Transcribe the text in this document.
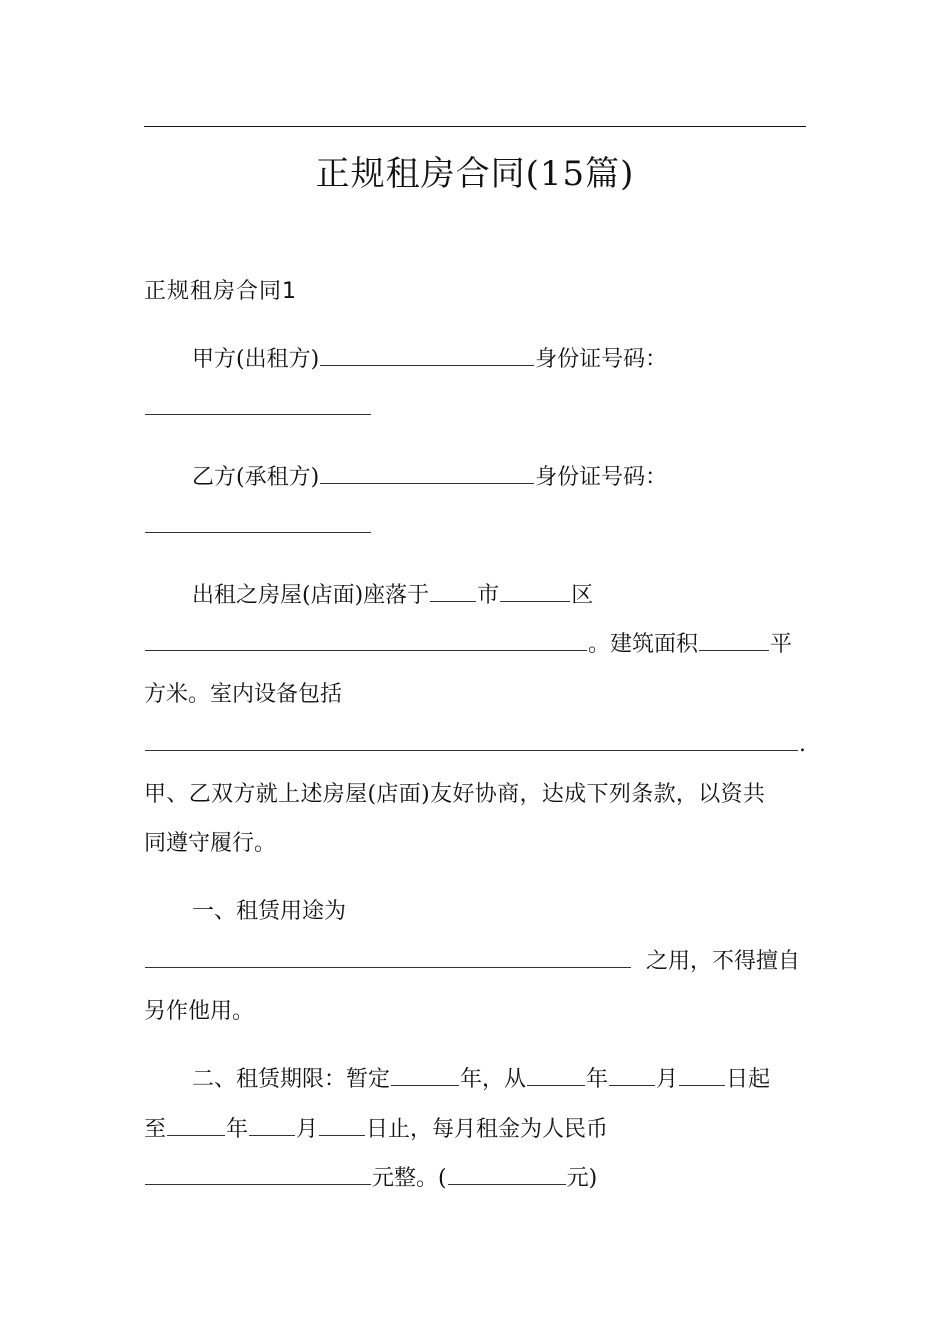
正规租房合同(15篇)
正规租房合同1
甲方(出租方)	身份证号码：
乙方(承租方)	身份证号码：
出租之房屋(店面)座落于 市	区
。建筑面积	平
方米。室内设备包括
.
甲、乙双方就上述房屋(店面)友好协商，达成下列条款，以资共
同遵守履行。
一、租赁用途为
之用，不得擅自
另作他用。
二、租赁期限：暂定	年，从	年 月 日起
至	年 月 日止，每月租金为人民币
元整。(	元)
